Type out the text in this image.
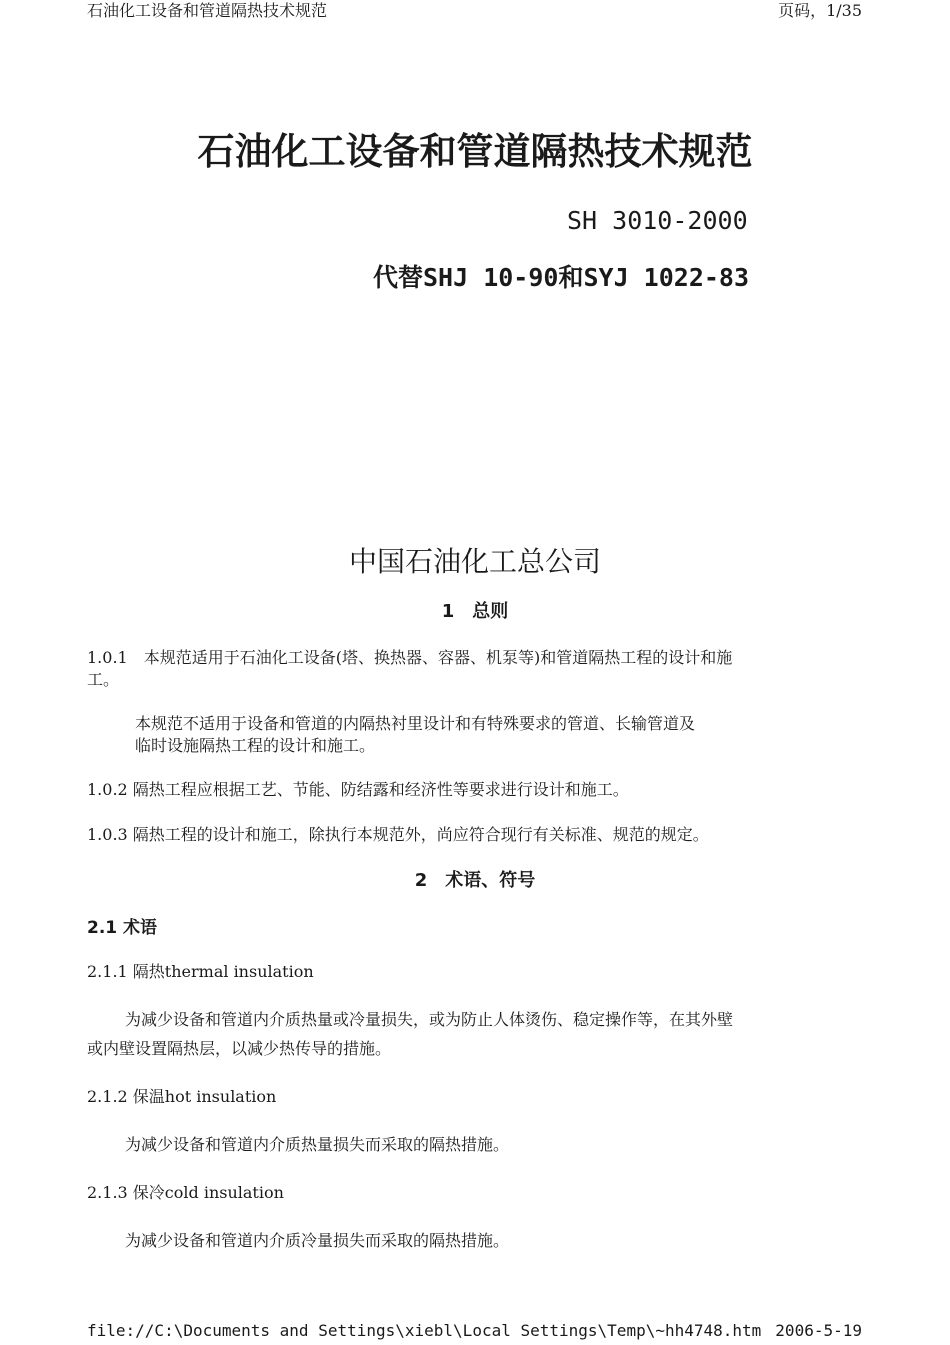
石油化工设备和管道隔热技术规范	页码，1/35
石油化工设备和管道隔热技术规范
SH 3010-2000
代替SHJ 10-90和SYJ 1022-83
中国石油化工总公司
1　总则
1.0.1　本规范适用于石油化工设备(塔、换热器、容器、机泵等)和管道隔热工程的设计和施
工。
本规范不适用于设备和管道的内隔热衬里设计和有特殊要求的管道、长输管道及
临时设施隔热工程的设计和施工。
1.0.2 隔热工程应根据工艺、节能、防结露和经济性等要求进行设计和施工。
1.0.3 隔热工程的设计和施工，除执行本规范外，尚应符合现行有关标准、规范的规定。
2　术语、符号
2.1 术语
2.1.1 隔热thermal insulation
为减少设备和管道内介质热量或冷量损失，或为防止人体烫伤、稳定操作等，在其外壁
或内壁设置隔热层，以减少热传导的措施。
2.1.2 保温hot insulation
为减少设备和管道内介质热量损失而采取的隔热措施。
2.1.3 保冷cold insulation
为减少设备和管道内介质冷量损失而采取的隔热措施。
file://C:\Documents and Settings\xiebl\Local Settings\Temp\~hh4748.htm 2006-5-19
